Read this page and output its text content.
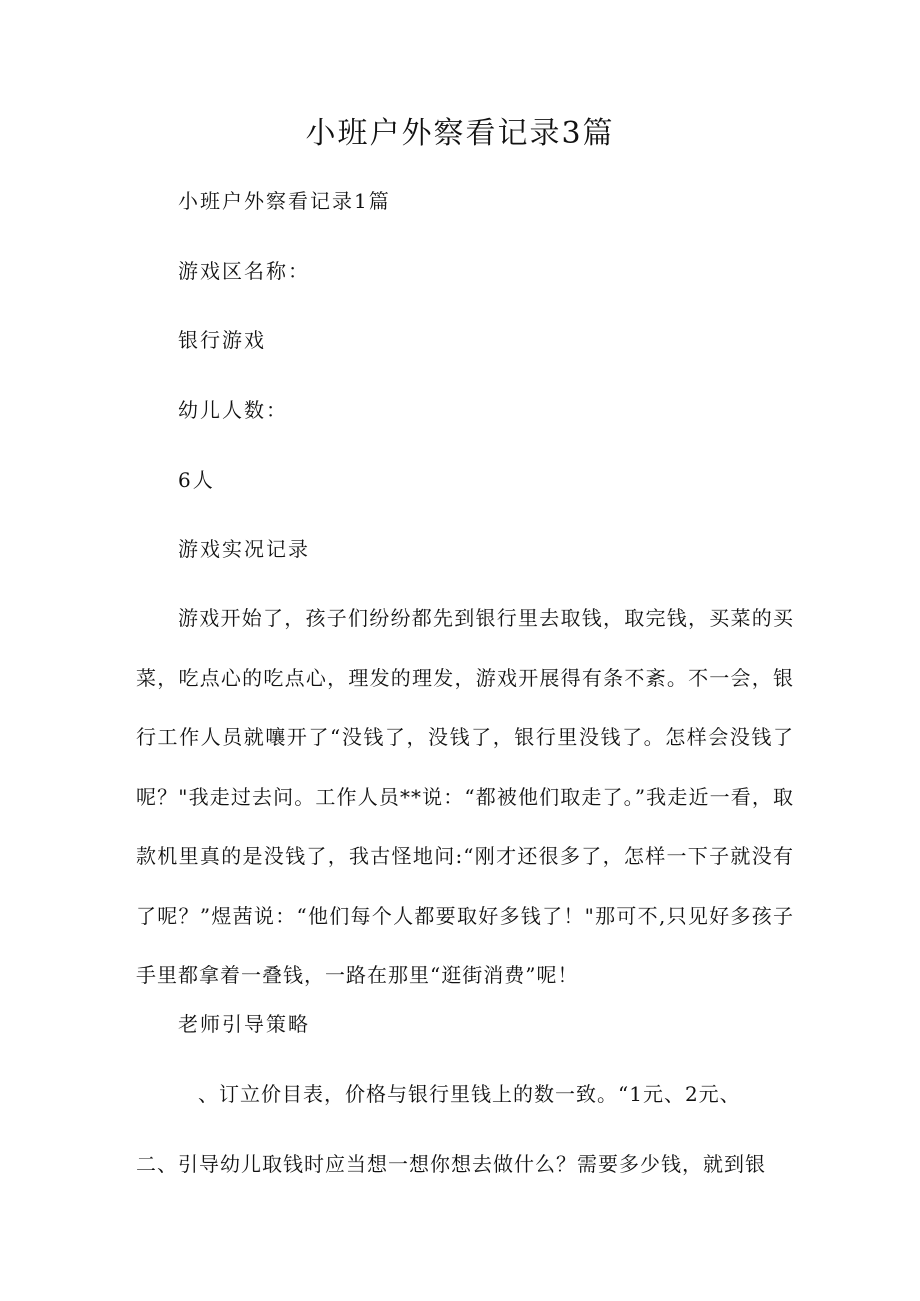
小班户外察看记录3篇
小班户外察看记录1篇
游戏区名称：
银行游戏
幼儿人数：
6人
游戏实况记录
游戏开始了，孩子们纷纷都先到银行里去取钱，取完钱，买菜的买菜，吃点心的吃点心，理发的理发，游戏开展得有条不紊。不一会，银行工作人员就嚷开了“没钱了，没钱了，银行里没钱了。怎样会没钱了呢？"我走过去问。工作人员**说：“都被他们取走了。”我走近一看，取款机里真的是没钱了，我古怪地问:“刚才还很多了，怎样一下子就没有了呢？”煜茜说：“他们每个人都要取好多钱了！"那可不,只见好多孩子手里都拿着一叠钱，一路在那里“逛街消费”呢！
老师引导策略
、订立价目表，价格与银行里钱上的数一致。“1元、2元、
二、引导幼儿取钱时应当想一想你想去做什么？需要多少钱，就到银
